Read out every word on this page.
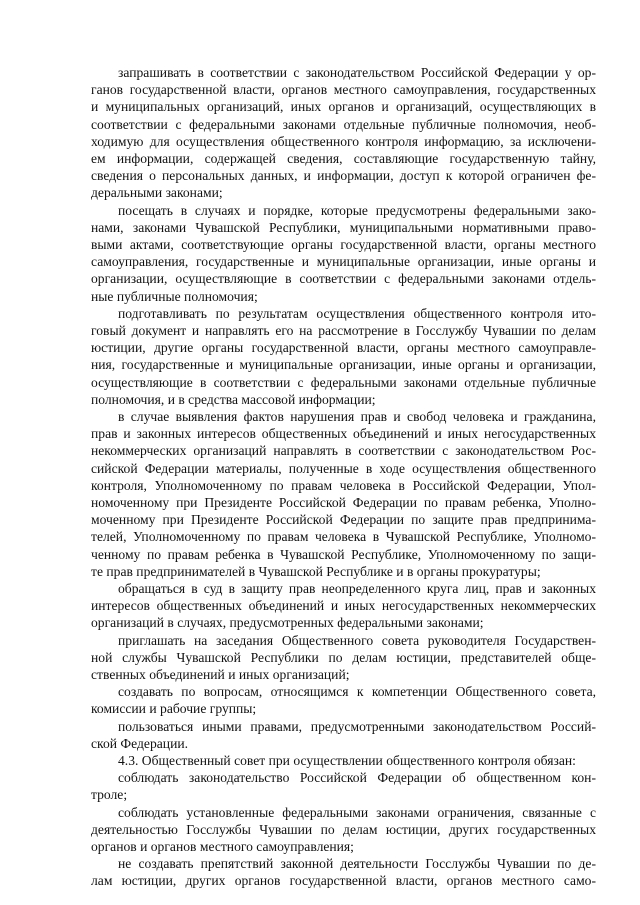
запрашивать в соответствии с законодательством Российской Федерации у ор-
ганов государственной власти, органов местного самоуправления, государственных
и муниципальных организаций, иных органов и организаций, осуществляющих в
соответствии с федеральными законами отдельные публичные полномочия, необ-
ходимую для осуществления общественного контроля информацию, за исключени-
ем информации, содержащей сведения, составляющие государственную тайну,
сведения о персональных данных, и информации, доступ к которой ограничен фе-
деральными законами;
посещать в случаях и порядке, которые предусмотрены федеральными зако-
нами, законами Чувашской Республики, муниципальными нормативными право-
выми актами, соответствующие органы государственной власти, органы местного
самоуправления, государственные и муниципальные организации, иные органы и
организации, осуществляющие в соответствии с федеральными законами отдель-
ные публичные полномочия;
подготавливать по результатам осуществления общественного контроля ито-
говый документ и направлять его на рассмотрение в Госслужбу Чувашии по делам
юстиции, другие органы государственной власти, органы местного самоуправле-
ния, государственные и муниципальные организации, иные органы и организации,
осуществляющие в соответствии с федеральными законами отдельные публичные
полномочия, и в средства массовой информации;
в случае выявления фактов нарушения прав и свобод человека и гражданина,
прав и законных интересов общественных объединений и иных негосударственных
некоммерческих организаций направлять в соответствии с законодательством Рос-
сийской Федерации материалы, полученные в ходе осуществления общественного
контроля, Уполномоченному по правам человека в Российской Федерации, Упол-
номоченному при Президенте Российской Федерации по правам ребенка, Уполно-
моченному при Президенте Российской Федерации по защите прав предпринима-
телей, Уполномоченному по правам человека в Чувашской Республике, Уполномо-
ченному по правам ребенка в Чувашской Республике, Уполномоченному по защи-
те прав предпринимателей в Чувашской Республике и в органы прокуратуры;
обращаться в суд в защиту прав неопределенного круга лиц, прав и законных
интересов общественных объединений и иных негосударственных некоммерческих
организаций в случаях, предусмотренных федеральными законами;
приглашать на заседания Общественного совета руководителя Государствен-
ной службы Чувашской Республики по делам юстиции, представителей обще-
ственных объединений и иных организаций;
создавать по вопросам, относящимся к компетенции Общественного совета,
комиссии и рабочие группы;
пользоваться иными правами, предусмотренными законодательством Россий-
ской Федерации.
4.3. Общественный совет при осуществлении общественного контроля обязан:
соблюдать законодательство Российской Федерации об общественном кон-
троле;
соблюдать установленные федеральными законами ограничения, связанные с
деятельностью Госслужбы Чувашии по делам юстиции, других государственных
органов и органов местного самоуправления;
не создавать препятствий законной деятельности Госслужбы Чувашии по де-
лам юстиции, других органов государственной власти, органов местного само-
